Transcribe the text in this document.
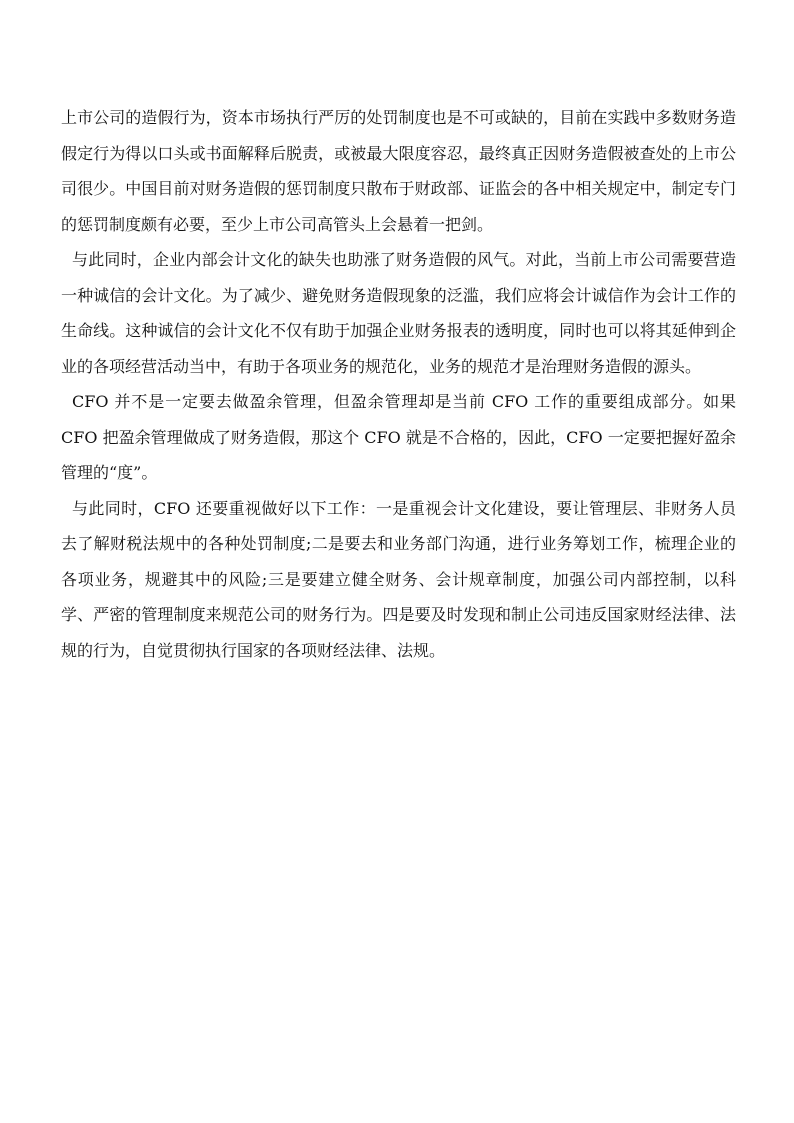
上市公司的造假行为，资本市场执行严厉的处罚制度也是不可或缺的，目前在实践中多数财务造假定行为得以口头或书面解释后脱责，或被最大限度容忍，最终真正因财务造假被查处的上市公司很少。中国目前对财务造假的惩罚制度只散布于财政部、证监会的各中相关规定中，制定专门的惩罚制度颇有必要，至少上市公司高管头上会悬着一把剑。

与此同时，企业内部会计文化的缺失也助涨了财务造假的风气。对此，当前上市公司需要营造一种诚信的会计文化。为了减少、避免财务造假现象的泛滥，我们应将会计诚信作为会计工作的生命线。这种诚信的会计文化不仅有助于加强企业财务报表的透明度，同时也可以将其延伸到企业的各项经营活动当中，有助于各项业务的规范化，业务的规范才是治理财务造假的源头。

CFO 并不是一定要去做盈余管理，但盈余管理却是当前 CFO 工作的重要组成部分。如果 CFO 把盈余管理做成了财务造假，那这个 CFO 就是不合格的，因此，CFO 一定要把握好盈余管理的“度”。

与此同时，CFO 还要重视做好以下工作：一是重视会计文化建设，要让管理层、非财务人员去了解财税法规中的各种处罚制度;二是要去和业务部门沟通，进行业务筹划工作，梳理企业的各项业务，规避其中的风险;三是要建立健全财务、会计规章制度，加强公司内部控制，以科学、严密的管理制度来规范公司的财务行为。四是要及时发现和制止公司违反国家财经法律、法规的行为，自觉贯彻执行国家的各项财经法律、法规。
